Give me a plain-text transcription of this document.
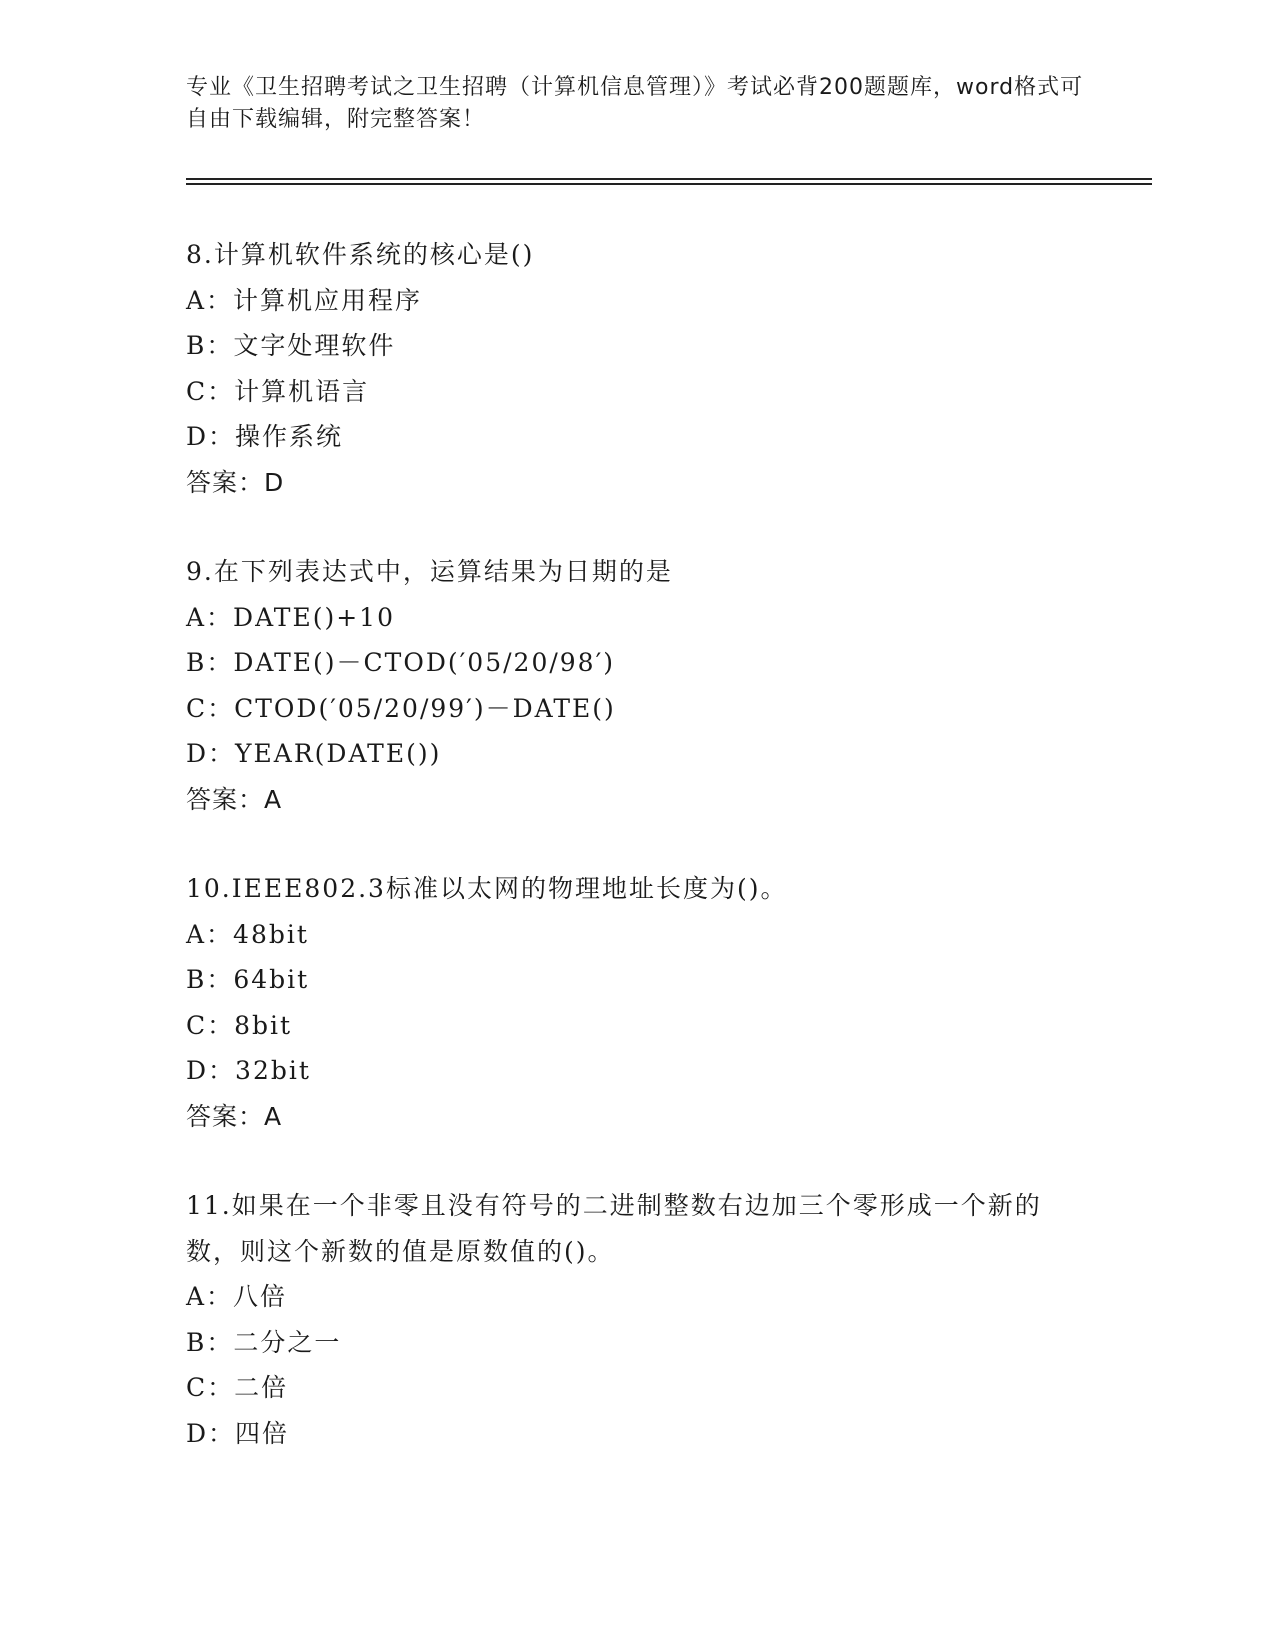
专业《卫生招聘考试之卫生招聘（计算机信息管理）》考试必背200题题库，word格式可自由下载编辑，附完整答案！
8.计算机软件系统的核心是()
A：计算机应用程序
B：文字处理软件
C：计算机语言
D：操作系统
答案：D
9.在下列表达式中，运算结果为日期的是
A：DATE()+10
B：DATE()－CTOD(′05/20/98′)
C：CTOD(′05/20/99′)－DATE()
D：YEAR(DATE())
答案：A
10.IEEE802.3标准以太网的物理地址长度为()。
A：48bit
B：64bit
C：8bit
D：32bit
答案：A
11.如果在一个非零且没有符号的二进制整数右边加三个零形成一个新的数，则这个新数的值是原数值的()。
A：八倍
B：二分之一
C：二倍
D：四倍
